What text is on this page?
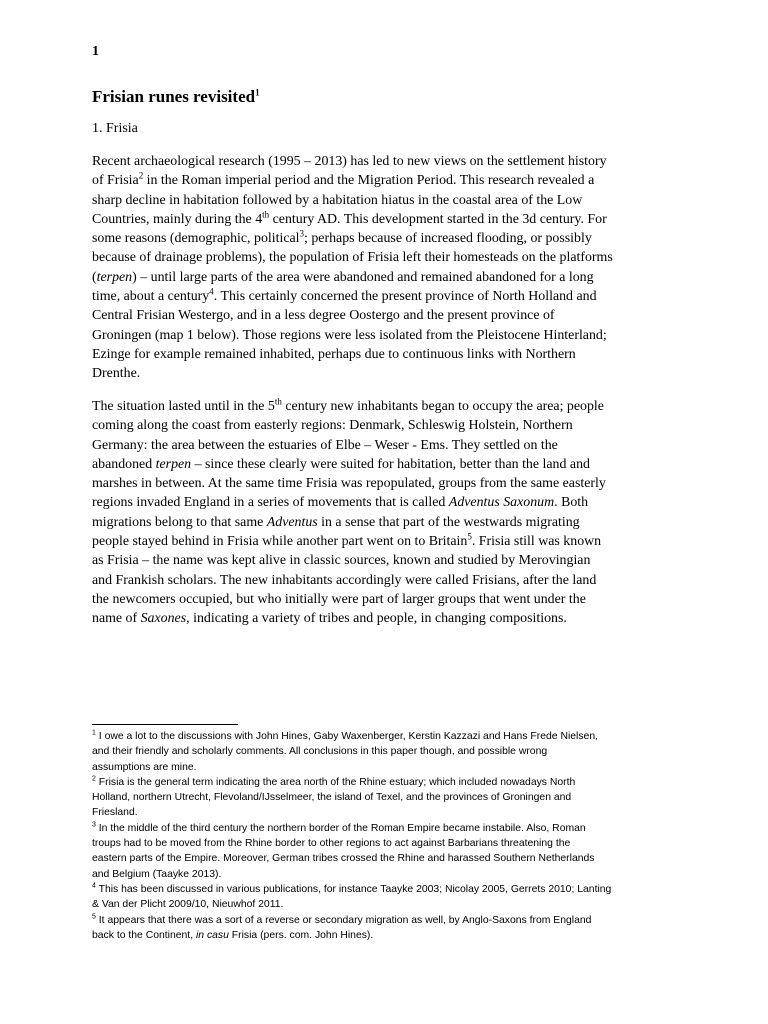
1
Frisian runes revisited$^1$
1. Frisia
Recent archaeological research (1995 – 2013) has led to new views on the settlement history
of Frisia$^2$ in the Roman imperial period and the Migration Period. This research revealed a
sharp decline in habitation followed by a habitation hiatus in the coastal area of the Low
Countries, mainly during the 4th century AD. This development started in the 3d century. For
some reasons (demographic, political$^3$; perhaps because of increased flooding, or possibly
because of drainage problems), the population of Frisia left their homesteads on the platforms
(terpen) – until large parts of the area were abandoned and remained abandoned for a long
time, about a century$^4$. This certainly concerned the present province of North Holland and
Central Frisian Westergo, and in a less degree Oostergo and the present province of
Groningen (map 1 below). Those regions were less isolated from the Pleistocene Hinterland;
Ezinge for example remained inhabited, perhaps due to continuous links with Northern
Drenthe.
The situation lasted until in the 5th century new inhabitants began to occupy the area; people
coming along the coast from easterly regions: Denmark, Schleswig Holstein, Northern
Germany: the area between the estuaries of Elbe – Weser - Ems. They settled on the
abandoned terpen – since these clearly were suited for habitation, better than the land and
marshes in between. At the same time Frisia was repopulated, groups from the same easterly
regions invaded England in a series of movements that is called Adventus Saxonum. Both
migrations belong to that same Adventus in a sense that part of the westwards migrating
people stayed behind in Frisia while another part went on to Britain$^5$. Frisia still was known
as Frisia – the name was kept alive in classic sources, known and studied by Merovingian
and Frankish scholars. The new inhabitants accordingly were called Frisians, after the land
the newcomers occupied, but who initially were part of larger groups that went under the
name of Saxones, indicating a variety of tribes and people, in changing compositions.
$^1$ I owe a lot to the discussions with John Hines, Gaby Waxenberger, Kerstin Kazzazi and Hans Frede Nielsen,
and their friendly and scholarly comments. All conclusions in this paper though, and possible wrong
assumptions are mine.
$^2$ Frisia is the general term indicating the area north of the Rhine estuary; which included nowadays North
Holland, northern Utrecht, Flevoland/IJsselmeer, the island of Texel, and the provinces of Groningen and
Friesland.
$^3$ In the middle of the third century the northern border of the Roman Empire became instabile. Also, Roman
troups had to be moved from the Rhine border to other regions to act against Barbarians threatening the
eastern parts of the Empire. Moreover, German tribes crossed the Rhine and harassed Southern Netherlands
and Belgium (Taayke 2013).
$^4$ This has been discussed in various publications, for instance Taayke 2003; Nicolay 2005, Gerrets 2010; Lanting
& Van der Plicht 2009/10, Nieuwhof 2011.
$^5$ It appears that there was a sort of a reverse or secondary migration as well, by Anglo-Saxons from England
back to the Continent, in casu Frisia (pers. com. John Hines).
